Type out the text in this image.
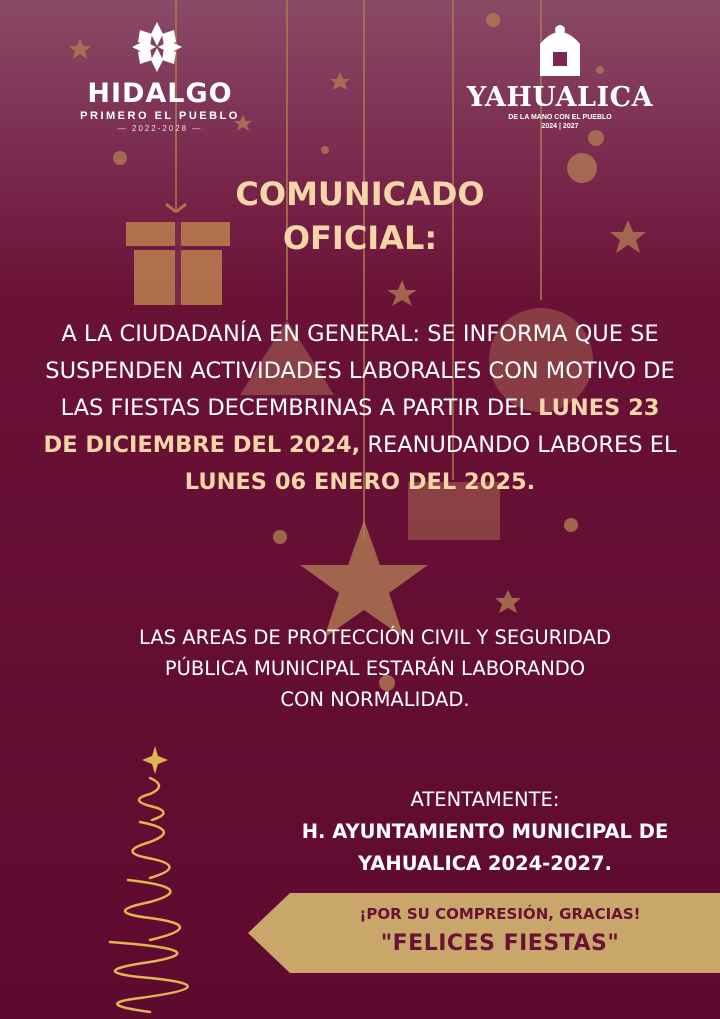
HIDALGO
PRIMERO EL PUEBLO
— 2022-2028 —
YAHUALICA
DE LA MANO CON EL PUEBLO
2024 | 2027
COMUNICADO
OFICIAL:
A LA CIUDADANÍA EN GENERAL: SE INFORMA QUE SE SUSPENDEN ACTIVIDADES LABORALES CON MOTIVO DE LAS FIESTAS DECEMBRINAS A PARTIR DEL LUNES 23 DE DICIEMBRE DEL 2024, REANUDANDO LABORES EL LUNES 06 ENERO DEL 2025.
LAS AREAS DE PROTECCIÓN CIVIL Y SEGURIDAD
PÚBLICA MUNICIPAL ESTARÁN LABORANDO
CON NORMALIDAD.
ATENTAMENTE:
H. AYUNTAMIENTO MUNICIPAL DE
YAHUALICA 2024-2027.
¡POR SU COMPRESIÓN, GRACIAS!
"FELICES FIESTAS"
